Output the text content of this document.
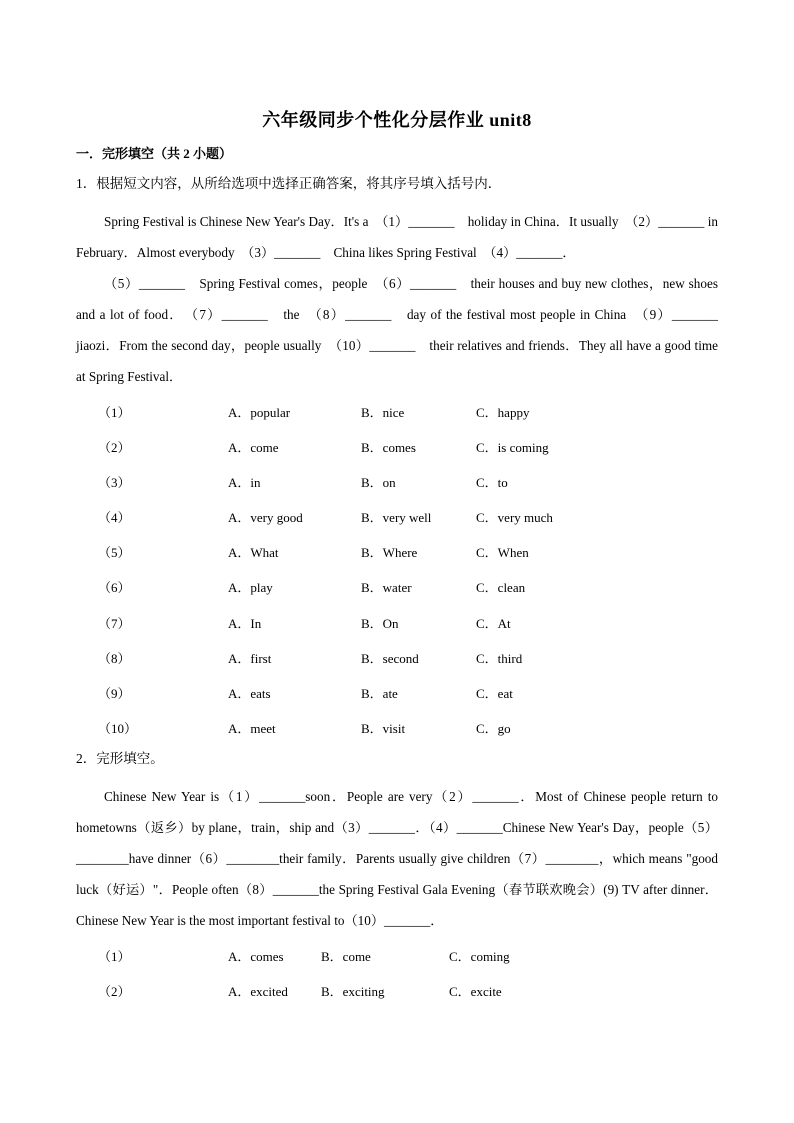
六年级同步个性化分层作业 unit8
一．完形填空（共 2 小题）
1．根据短文内容，从所给选项中选择正确答案，将其序号填入括号内．
Spring Festival is Chinese New Year's Day．It's a　（1）_______　holiday in China．It usually　（2）_______ in February．Almost everybody　（3）_______　China likes Spring Festival　（4）_______．
（5）_______　Spring Festival comes，people　（6）_______　their houses and buy new clothes，new shoes and a lot of food．　（7）_______　the　（8）_______　day of the festival most people in China　（9）_______　jiaozi．From the second day，people usually　（10）_______　their relatives and friends．They all have a good time at Spring Festival．
（1）	A．popular	B．nice	C．happy
（2）	A．come	B．comes	C．is coming
（3）	A．in	B．on	C．to
（4）	A．very good	B．very well	C．very much
（5）	A．What	B．Where	C．When
（6）	A．play	B．water	C．clean
（7）	A．In	B．On	C．At
（8）	A．first	B．second	C．third
（9）	A．eats	B．ate	C．eat
（10）	A．meet	B．visit	C．go
2．完形填空。
Chinese New Year is（1）_______soon．People are very（2）_______．Most of Chinese people return to hometowns（返乡）by plane，train，ship and（3）_______．（4）_______Chinese New Year's Day，people（5）________have dinner（6）________their family．Parents usually give children（7）________，which means "good luck（好运）"．People often（8）_______the Spring Festival Gala Evening（春节联欢晚会）(9) TV after dinner．Chinese New Year is the most important festival to（10）_______．
（1）	A．comes	B．come	C．coming
（2）	A．excited	B．exciting	C．excite
